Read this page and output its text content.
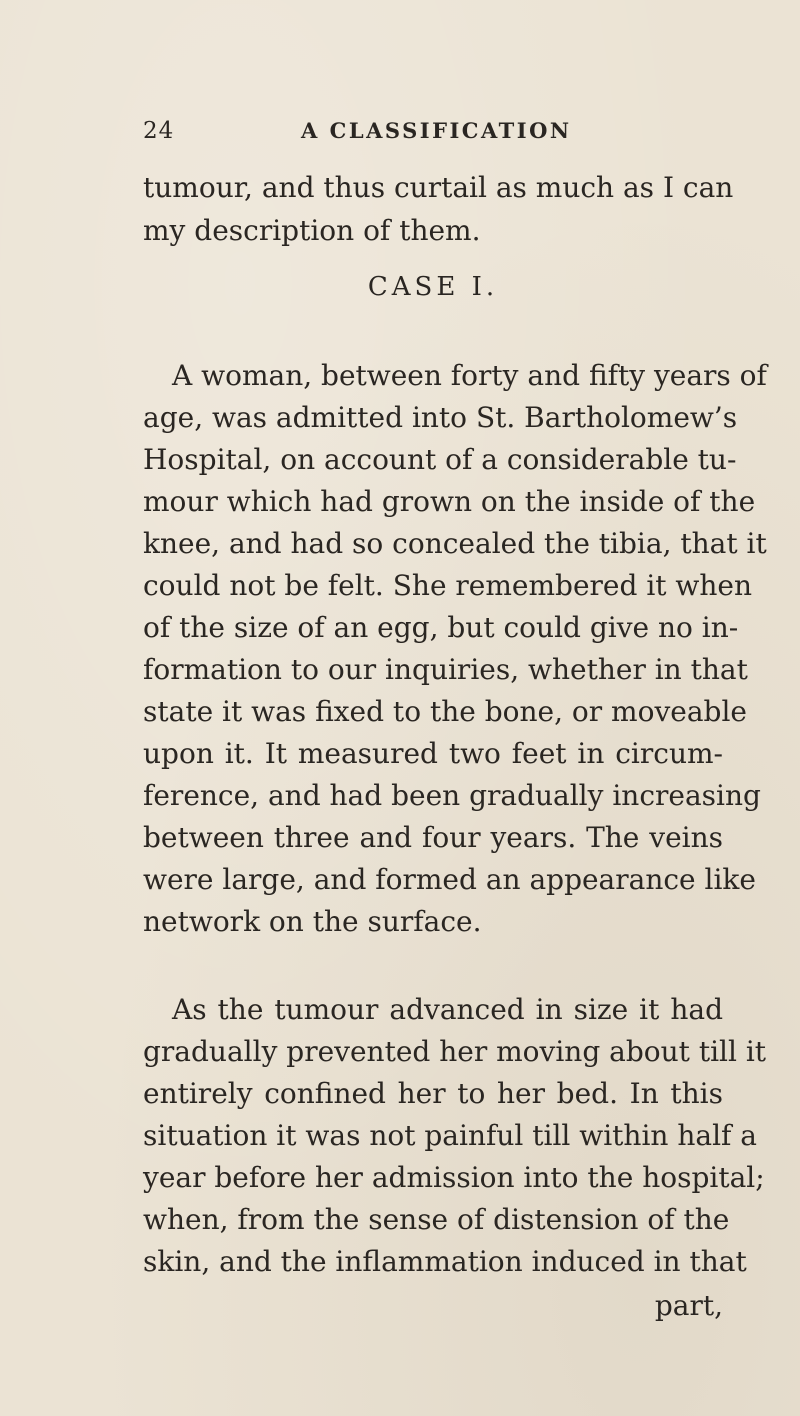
24	A CLASSIFICATION
tumour, and thus curtail as much as I can
my description of them.
CASE I.
A woman, between forty and fifty years of
age, was admitted into St. Bartholomew’s
Hospital, on account of a considerable tu-
mour which had grown on the inside of the
knee, and had so concealed the tibia, that it
could not be felt. She remembered it when
of the size of an egg, but could give no in-
formation to our inquiries, whether in that
state it was fixed to the bone, or moveable
upon it. It measured two feet in circum-
ference, and had been gradually increasing
between three and four years. The veins
were large, and formed an appearance like
network on the surface.
As the tumour advanced in size it had
gradually prevented her moving about till it
entirely confined her to her bed. In this
situation it was not painful till within half a
year before her admission into the hospital;
when, from the sense of distension of the
skin, and the inflammation induced in that
part,
